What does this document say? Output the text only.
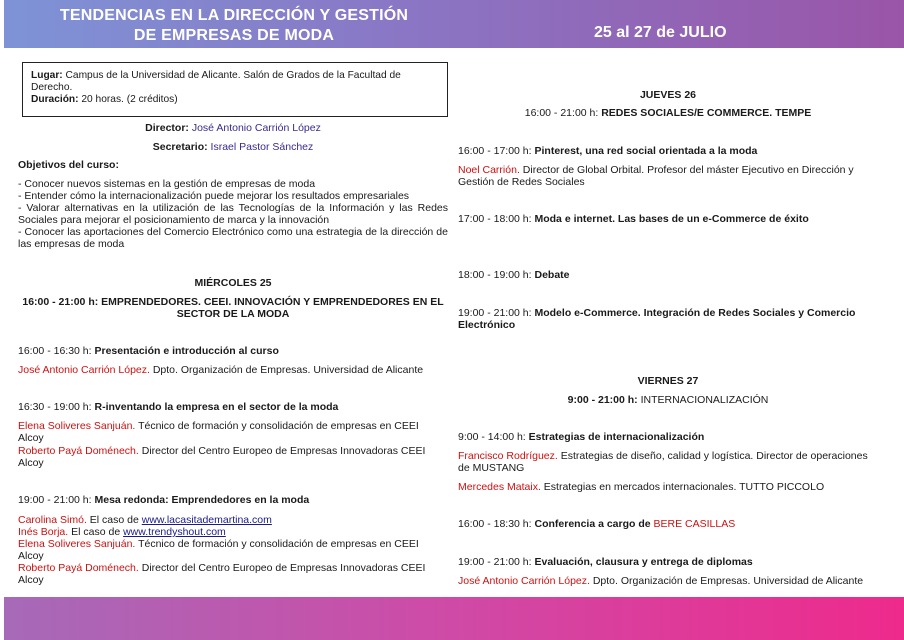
TENDENCIAS EN LA DIRECCIÓN Y GESTIÓN
DE EMPRESAS DE MODA	25 al 27 de JULIO
Lugar: Campus de la Universidad de Alicante. Salón de Grados de la Facultad de Derecho.
Duración: 20 horas. (2 créditos)
Director: José Antonio Carrión López
Secretario: Israel Pastor Sánchez
Objetivos del curso:
- Conocer nuevos sistemas en la gestión de empresas de moda
- Entender cómo la internacionalización puede mejorar los resultados empresariales
- Valorar alternativas en la utilización de las Tecnologías de la Información y las Redes Sociales para mejorar el posicionamiento de marca y la innovación
- Conocer las aportaciones del Comercio Electrónico como una estrategia de la dirección de las empresas de moda
MIÉRCOLES 25
16:00 - 21:00 h: EMPRENDEDORES. CEEI. INNOVACIÓN Y EMPRENDEDORES EN EL SECTOR DE LA MODA
16:00 - 16:30 h: Presentación e introducción al curso
José Antonio Carrión López. Dpto. Organización de Empresas. Universidad de Alicante
16:30 - 19:00 h: R-inventando la empresa en el sector de la moda
Elena Soliveres Sanjuán. Técnico de formación y consolidación de empresas en CEEI Alcoy
Roberto Payá Doménech. Director del Centro Europeo de Empresas Innovadoras CEEI Alcoy
19:00 - 21:00 h: Mesa redonda: Emprendedores en la moda
Carolina Simó. El caso de www.lacasitademartina.com
Inés Borja. El caso de www.trendyshout.com
Elena Soliveres Sanjuán. Técnico de formación y consolidación de empresas en CEEI Alcoy
Roberto Payá Doménech. Director del Centro Europeo de Empresas Innovadoras CEEI Alcoy
JUEVES 26
16:00 - 21:00 h: REDES SOCIALES/E COMMERCE. TEMPE
16:00 - 17:00 h: Pinterest, una red social orientada a la moda
Noel Carrión. Director de Global Orbital. Profesor del máster Ejecutivo en Dirección y Gestión de Redes Sociales
17:00 - 18:00 h: Moda e internet. Las bases de un e-Commerce de éxito
18:00 - 19:00 h: Debate
19:00 - 21:00 h: Modelo e-Commerce. Integración de Redes Sociales y Comercio Electrónico
VIERNES 27
9:00 - 21:00 h: INTERNACIONALIZACIÓN
9:00 - 14:00 h: Estrategias de internacionalización
Francisco Rodríguez. Estrategias de diseño, calidad y logística. Director de operaciones de MUSTANG
Mercedes Mataix. Estrategias en mercados internacionales. TUTTO PICCOLO
16:00 - 18:30 h: Conferencia a cargo de BERE CASILLAS
19:00 - 21:00 h: Evaluación, clausura y entrega de diplomas
José Antonio Carrión López. Dpto. Organización de Empresas. Universidad de Alicante
